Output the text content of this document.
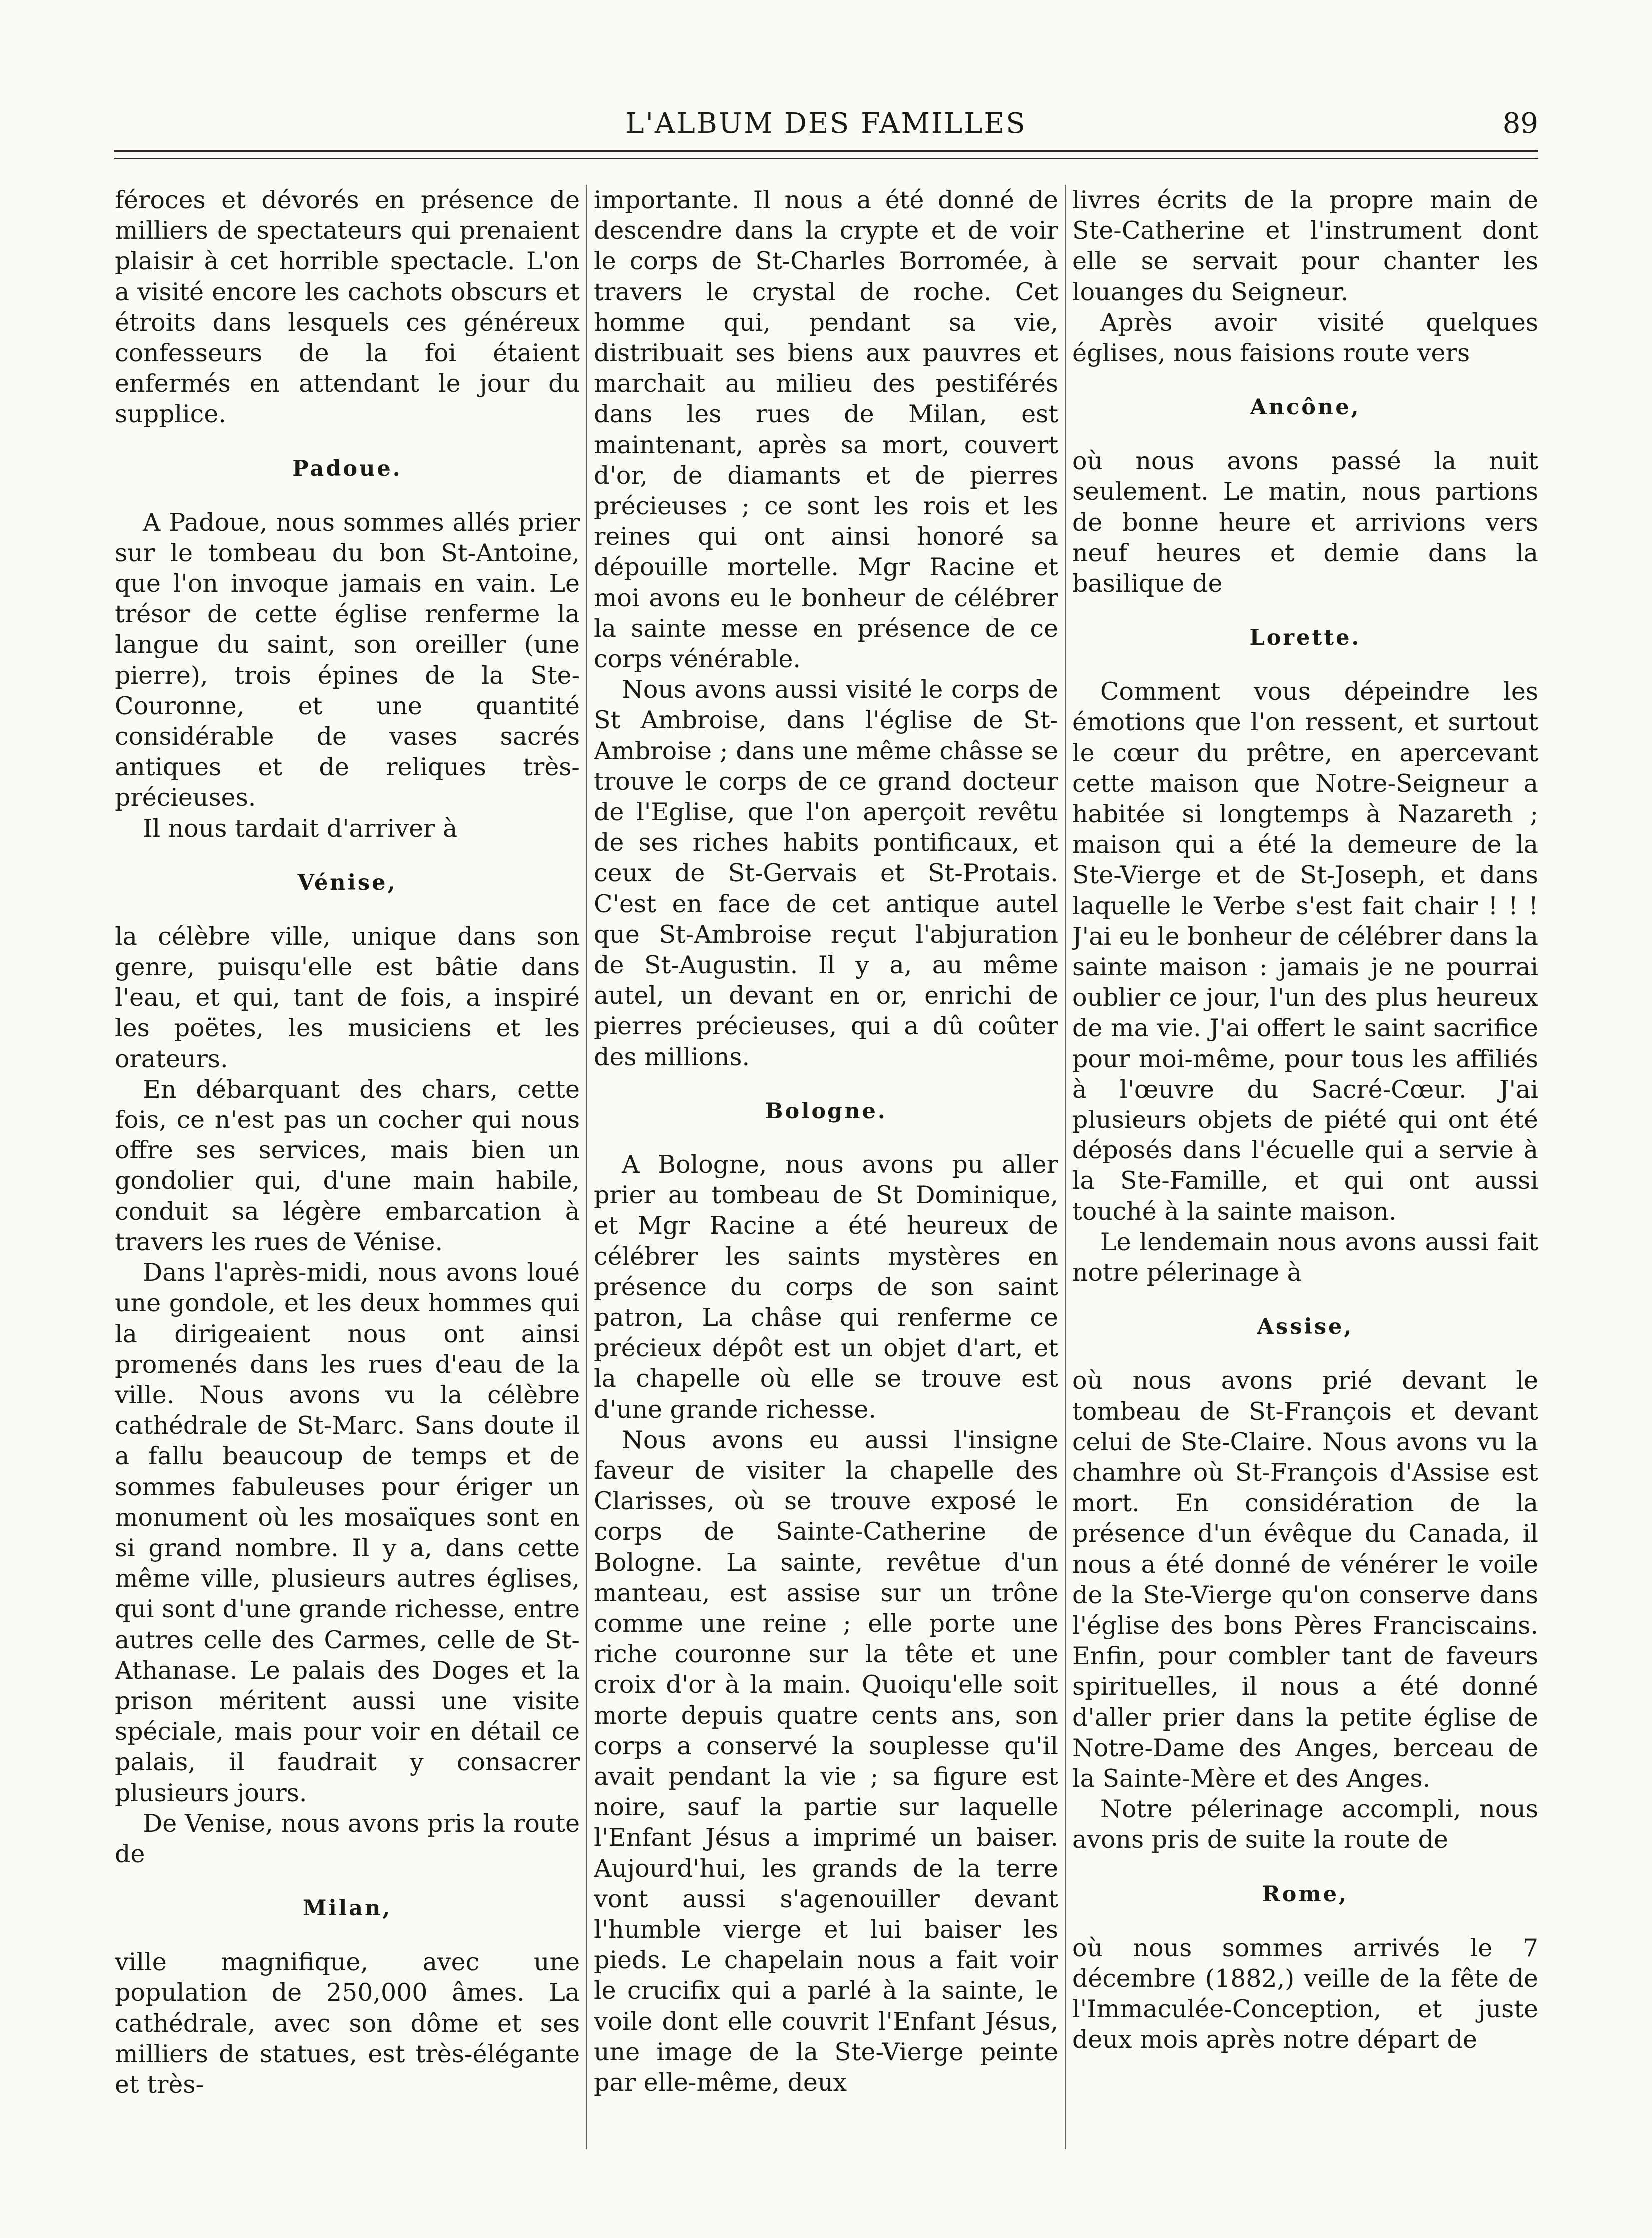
L'ALBUM DES FAMILLES	89

féroces et dévorés en présence de milliers de spectateurs qui prenaient plaisir à cet horrible spectacle. L'on a visité encore les cachots obscurs et étroits dans lesquels ces généreux confesseurs de la foi étaient enfermés en attendant le jour du supplice.

Padoue.

A Padoue, nous sommes allés prier sur le tombeau du bon St-Antoine, que l'on invoque jamais en vain. Le trésor de cette église renferme la langue du saint, son oreiller (une pierre), trois épines de la Ste-Couronne, et une quantité considérable de vases sacrés antiques et de reliques très-précieuses.

Il nous tardait d'arriver à

Vénise,

la célèbre ville, unique dans son genre, puisqu'elle est bâtie dans l'eau, et qui, tant de fois, a inspiré les poëtes, les musiciens et les orateurs.

En débarquant des chars, cette fois, ce n'est pas un cocher qui nous offre ses services, mais bien un gondolier qui, d'une main habile, conduit sa légère embarcation à travers les rues de Vénise.

Dans l'après-midi, nous avons loué une gondole, et les deux hommes qui la dirigeaient nous ont ainsi promenés dans les rues d'eau de la ville. Nous avons vu la célèbre cathédrale de St-Marc. Sans doute il a fallu beaucoup de temps et de sommes fabuleuses pour ériger un monument où les mosaïques sont en si grand nombre. Il y a, dans cette même ville, plusieurs autres églises, qui sont d'une grande richesse, entre autres celle des Carmes, celle de St-Athanase. Le palais des Doges et la prison méritent aussi une visite spéciale, mais pour voir en détail ce palais, il faudrait y consacrer plusieurs jours.

De Venise, nous avons pris la route de

Milan,

ville magnifique, avec une population de 250,000 âmes. La cathédrale, avec son dôme et ses milliers de statues, est très-élégante et très-

importante. Il nous a été donné de descendre dans la crypte et de voir le corps de St-Charles Borromée, à travers le crystal de roche. Cet homme qui, pendant sa vie, distribuait ses biens aux pauvres et marchait au milieu des pestiférés dans les rues de Milan, est maintenant, après sa mort, couvert d'or, de diamants et de pierres précieuses ; ce sont les rois et les reines qui ont ainsi honoré sa dépouille mortelle. Mgr Racine et moi avons eu le bonheur de célébrer la sainte messe en présence de ce corps vénérable.

Nous avons aussi visité le corps de St Ambroise, dans l'église de St-Ambroise ; dans une même châsse se trouve le corps de ce grand docteur de l'Eglise, que l'on aperçoit revêtu de ses riches habits pontificaux, et ceux de St-Gervais et St-Protais. C'est en face de cet antique autel que St-Ambroise reçut l'abjuration de St-Augustin. Il y a, au même autel, un devant en or, enrichi de pierres précieuses, qui a dû coûter des millions.

Bologne.

A Bologne, nous avons pu aller prier au tombeau de St Dominique, et Mgr Racine a été heureux de célébrer les saints mystères en présence du corps de son saint patron, La châse qui renferme ce précieux dépôt est un objet d'art, et la chapelle où elle se trouve est d'une grande richesse.

Nous avons eu aussi l'insigne faveur de visiter la chapelle des Clarisses, où se trouve exposé le corps de Sainte-Catherine de Bologne. La sainte, revêtue d'un manteau, est assise sur un trône comme une reine ; elle porte une riche couronne sur la tête et une croix d'or à la main. Quoiqu'elle soit morte depuis quatre cents ans, son corps a conservé la souplesse qu'il avait pendant la vie ; sa figure est noire, sauf la partie sur laquelle l'Enfant Jésus a imprimé un baiser. Aujourd'hui, les grands de la terre vont aussi s'agenouiller devant l'humble vierge et lui baiser les pieds. Le chapelain nous a fait voir le crucifix qui a parlé à la sainte, le voile dont elle couvrit l'Enfant Jésus, une image de la Ste-Vierge peinte par elle-même, deux

livres écrits de la propre main de Ste-Catherine et l'instrument dont elle se servait pour chanter les louanges du Seigneur.

Après avoir visité quelques églises, nous faisions route vers

Ancône,

où nous avons passé la nuit seulement. Le matin, nous partions de bonne heure et arrivions vers neuf heures et demie dans la basilique de

Lorette.

Comment vous dépeindre les émotions que l'on ressent, et surtout le cœur du prêtre, en apercevant cette maison que Notre-Seigneur a habitée si longtemps à Nazareth ; maison qui a été la demeure de la Ste-Vierge et de St-Joseph, et dans laquelle le Verbe s'est fait chair ! ! ! J'ai eu le bonheur de célébrer dans la sainte maison : jamais je ne pourrai oublier ce jour, l'un des plus heureux de ma vie. J'ai offert le saint sacrifice pour moi-même, pour tous les affiliés à l'œuvre du Sacré-Cœur. J'ai plusieurs objets de piété qui ont été déposés dans l'écuelle qui a servie à la Ste-Famille, et qui ont aussi touché à la sainte maison.

Le lendemain nous avons aussi fait notre pélerinage à

Assise,

où nous avons prié devant le tombeau de St-François et devant celui de Ste-Claire. Nous avons vu la chamhre où St-François d'Assise est mort. En considération de la présence d'un évêque du Canada, il nous a été donné de vénérer le voile de la Ste-Vierge qu'on conserve dans l'église des bons Pères Franciscains. Enfin, pour combler tant de faveurs spirituelles, il nous a été donné d'aller prier dans la petite église de Notre-Dame des Anges, berceau de la Sainte-Mère et des Anges.

Notre pélerinage accompli, nous avons pris de suite la route de

Rome,

où nous sommes arrivés le 7 décembre (1882,) veille de la fête de l'Immaculée-Conception, et juste deux mois après notre départ de
